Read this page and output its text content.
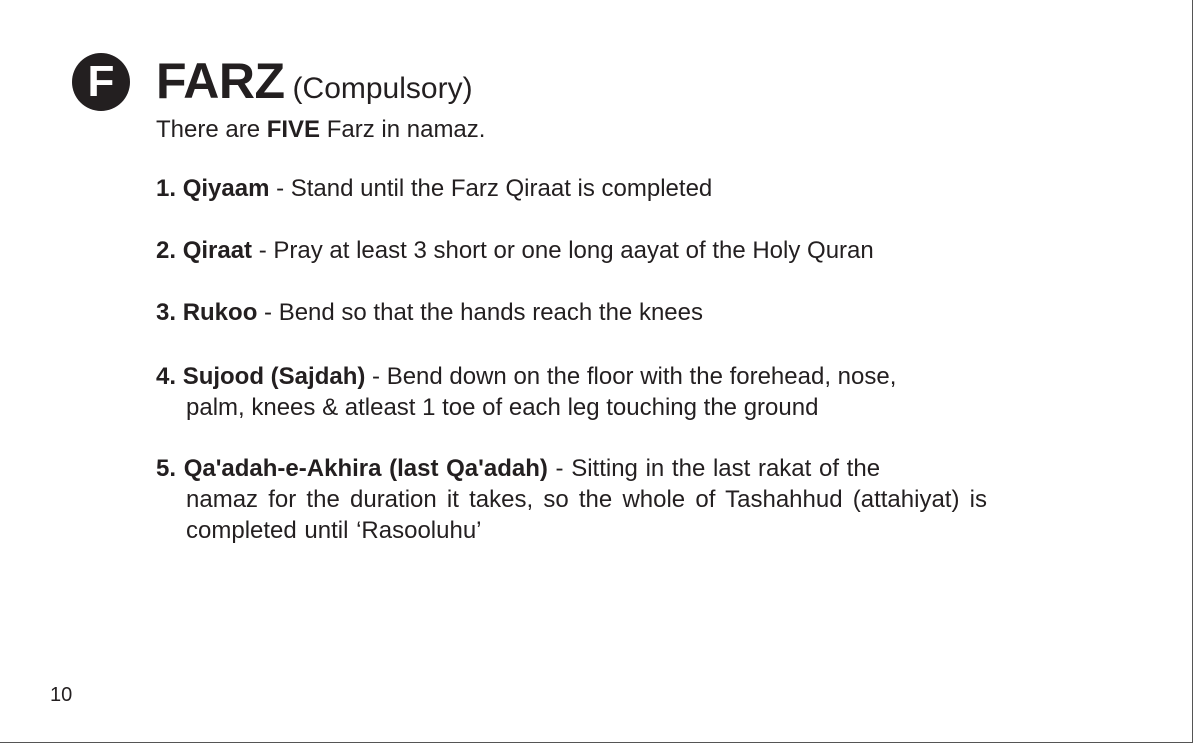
F FARZ (Compulsory)
There are FIVE Farz in namaz.
1. Qiyaam - Stand until the Farz Qiraat is completed
2. Qiraat - Pray at least 3 short or one long aayat of the Holy Quran
3. Rukoo - Bend so that the hands reach the knees
4. Sujood (Sajdah) - Bend down on the floor with the forehead, nose,
palm, knees & atleast 1 toe of each leg touching the ground
5. Qa'adah-e-Akhira (last Qa'adah) - Sitting in the last rakat of the
namaz for the duration it takes, so the whole of Tashahhud (attahiyat) is completed until ‘Rasooluhu’
10
